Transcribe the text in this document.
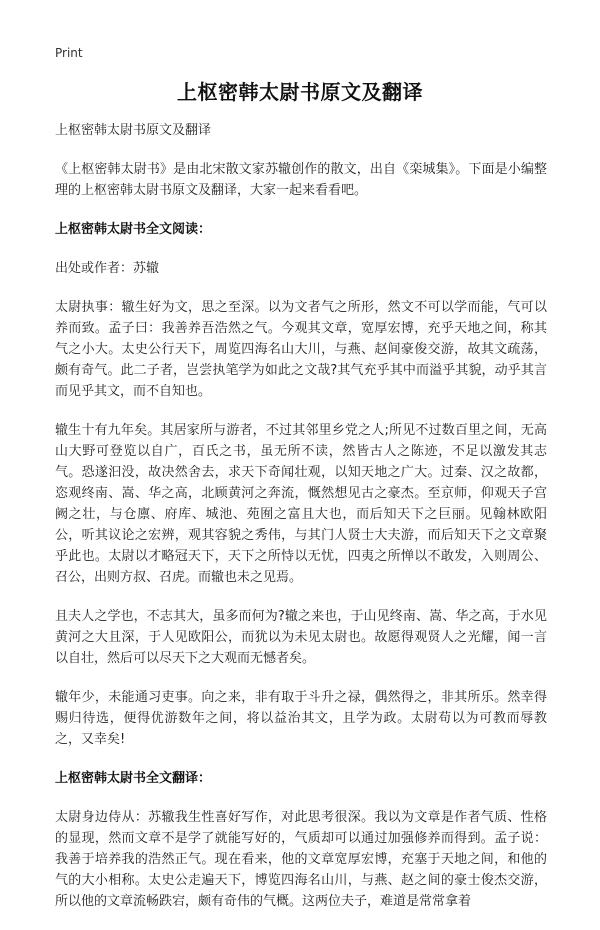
Print
上枢密韩太尉书原文及翻译

上枢密韩太尉书原文及翻译

《上枢密韩太尉书》是由北宋散文家苏辙创作的散文，出自《栾城集》。下面是小编整理的上枢密韩太尉书原文及翻译，大家一起来看看吧。

上枢密韩太尉书全文阅读：

出处或作者：苏辙

太尉执事：辙生好为文，思之至深。以为文者气之所形，然文不可以学而能，气可以养而致。孟子曰：我善养吾浩然之气。今观其文章，宽厚宏博，充乎天地之间，称其气之小大。太史公行天下，周览四海名山大川，与燕、赵间豪俊交游，故其文疏荡，颇有奇气。此二子者，岂尝执笔学为如此之文哉?其气充乎其中而溢乎其貌，动乎其言而见乎其文，而不自知也。

辙生十有九年矣。其居家所与游者，不过其邻里乡党之人;所见不过数百里之间，无高山大野可登览以自广，百氏之书，虽无所不读，然皆古人之陈迹，不足以激发其志气。恐遂汩没，故决然舍去，求天下奇闻壮观，以知天地之广大。过秦、汉之故都，恣观终南、嵩、华之高，北顾黄河之奔流，慨然想见古之豪杰。至京师，仰观天子宫阙之壮，与仓廪、府库、城池、苑囿之富且大也，而后知天下之巨丽。见翰林欧阳公，听其议论之宏辨，观其容貌之秀伟，与其门人贤士大夫游，而后知天下之文章聚乎此也。太尉以才略冠天下，天下之所恃以无忧，四夷之所惮以不敢发，入则周公、召公，出则方叔、召虎。而辙也未之见焉。

且夫人之学也，不志其大，虽多而何为?辙之来也，于山见终南、嵩、华之高，于水见黄河之大且深，于人见欧阳公，而犹以为未见太尉也。故愿得观贤人之光耀，闻一言以自壮，然后可以尽天下之大观而无憾者矣。

辙年少，未能通习吏事。向之来，非有取于斗升之禄，偶然得之，非其所乐。然幸得赐归待选，便得优游数年之间，将以益治其文，且学为政。太尉苟以为可教而辱教之，又幸矣!

上枢密韩太尉书全文翻译：

太尉身边侍从：苏辙我生性喜好写作，对此思考很深。我以为文章是作者气质、性格的显现，然而文章不是学了就能写好的，气质却可以通过加强修养而得到。孟子说：我善于培养我的浩然正气。现在看来，他的文章宽厚宏博，充塞于天地之间，和他的气的大小相称。太史公走遍天下，博览四海名山川，与燕、赵之间的豪士俊杰交游，所以他的文章流畅跌宕，颇有奇伟的气概。这两位夫子，难道是常常拿着
